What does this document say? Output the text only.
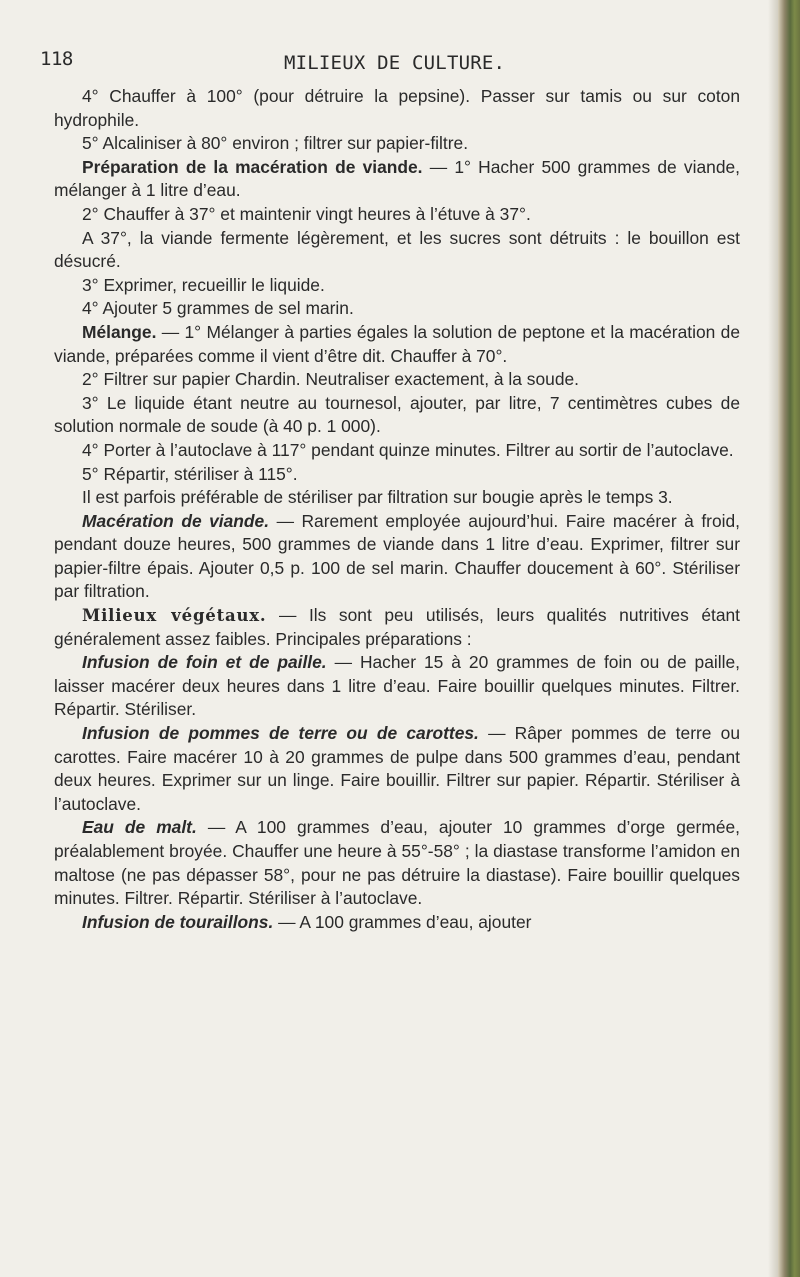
118	MILIEUX DE CULTURE.

4° Chauffer à 100° (pour détruire la pepsine). Passer sur tamis ou sur coton hydrophile.

5° Alcaliniser à 80° environ ; filtrer sur papier-filtre.

Préparation de la macération de viande. — 1° Hacher 500 grammes de viande, mélanger à 1 litre d’eau.

2° Chauffer à 37° et maintenir vingt heures à l’étuve à 37°.

A 37°, la viande fermente légèrement, et les sucres sont détruits : le bouillon est désucré.

3° Exprimer, recueillir le liquide.

4° Ajouter 5 grammes de sel marin.

Mélange. — 1° Mélanger à parties égales la solution de peptone et la macération de viande, préparées comme il vient d’être dit. Chauffer à 70°.

2° Filtrer sur papier Chardin. Neutraliser exactement, à la soude.

3° Le liquide étant neutre au tournesol, ajouter, par litre, 7 centimètres cubes de solution normale de soude (à 40 p. 1 000).

4° Porter à l’autoclave à 117° pendant quinze minutes. Filtrer au sortir de l’autoclave.

5° Répartir, stériliser à 115°.

Il est parfois préférable de stériliser par filtration sur bougie après le temps 3.

Macération de viande. — Rarement employée aujourd’hui. Faire macérer à froid, pendant douze heures, 500 grammes de viande dans 1 litre d’eau. Exprimer, filtrer sur papier-filtre épais. Ajouter 0,5 p. 100 de sel marin. Chauffer doucement à 60°. Stériliser par filtration.

Milieux végétaux. — Ils sont peu utilisés, leurs qualités nutritives étant généralement assez faibles. Principales préparations :

Infusion de foin et de paille. — Hacher 15 à 20 grammes de foin ou de paille, laisser macérer deux heures dans 1 litre d’eau. Faire bouillir quelques minutes. Filtrer. Répartir. Stériliser.

Infusion de pommes de terre ou de carottes. — Râper pommes de terre ou carottes. Faire macérer 10 à 20 grammes de pulpe dans 500 grammes d’eau, pendant deux heures. Exprimer sur un linge. Faire bouillir. Filtrer sur papier. Répartir. Stériliser à l’autoclave.

Eau de malt. — A 100 grammes d’eau, ajouter 10 grammes d’orge germée, préalablement broyée. Chauffer une heure à 55°-58° ; la diastase transforme l’amidon en maltose (ne pas dépasser 58°, pour ne pas détruire la diastase). Faire bouillir quelques minutes. Filtrer. Répartir. Stériliser à l’autoclave.

Infusion de touraillons. — A 100 grammes d’eau, ajouter
